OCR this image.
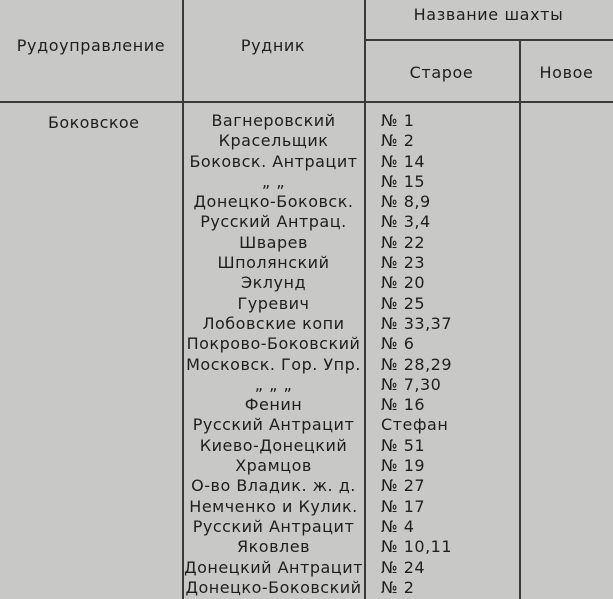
Рудоуправление	Рудник
Название шахты
Старое	Новое
Боковское	Вагнеровский	№ 1
Красельщик	№ 2
Боковск. Антрацит	№ 14
„ „	№ 15
Донецко-Боковск.	№ 8,9
Русский Антрац.	№ 3,4
Шварев	№ 22
Шполянский	№ 23
Эклунд	№ 20
Гуревич	№ 25
Лобовские копи	№ 33,37
Покрово-Боковский № 6
Московск. Гор. Упр. № 28,29
„ „ „	№ 7,30
Фенин	№ 16
Русский Антрацит	Стефан
Киево-Донецкий	№ 51
Храмцов	№ 19
О-во Владик. ж. д.	№ 27
Немченко и Кулик.	№ 17
Русский Антрацит	№ 4
Яковлев	№ 10,11
Донецкий Антрацит № 24
Донецко-Боковский № 2
